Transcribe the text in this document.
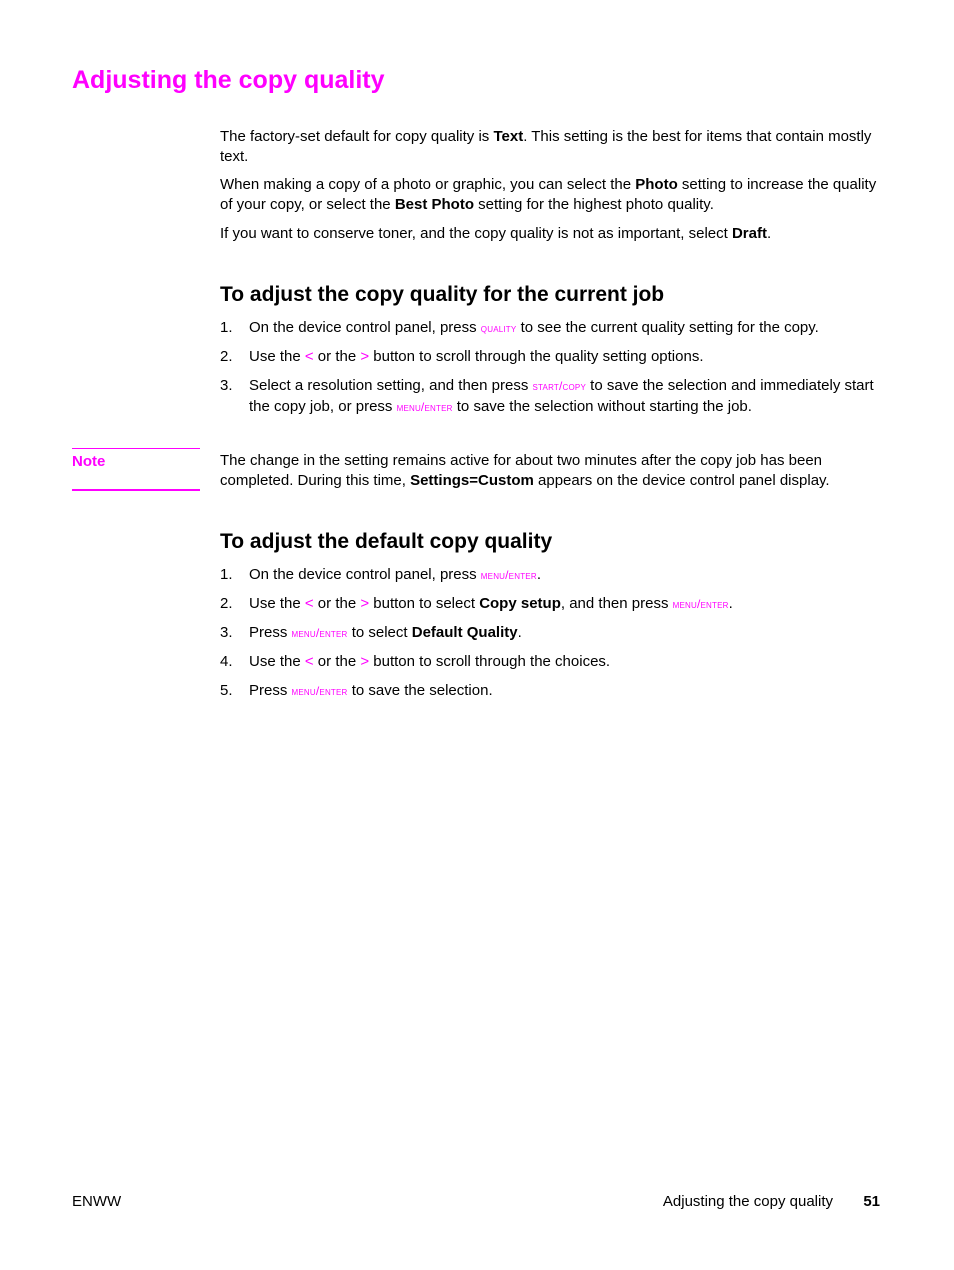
Adjusting the copy quality

The factory-set default for copy quality is Text. This setting is the best for items that contain mostly text.

When making a copy of a photo or graphic, you can select the Photo setting to increase the quality of your copy, or select the Best Photo setting for the highest photo quality.

If you want to conserve toner, and the copy quality is not as important, select Draft.

To adjust the copy quality for the current job
1.	On the device control panel, press quality to see the current quality setting for the copy.
2.	Use the < or the > button to scroll through the quality setting options.
3.	Select a resolution setting, and then press start/copy to save the selection and immediately start the copy job, or press menu/enter to save the selection without starting the job.
Note	The change in the setting remains active for about two minutes after the copy job has been completed. During this time, Settings=Custom appears on the device control panel display.

To adjust the default copy quality
1.	On the device control panel, press menu/enter.
2.	Use the < or the > button to select Copy setup, and then press menu/enter.
3.	Press menu/enter to select Default Quality.
4.	Use the < or the > button to scroll through the choices.
5.	Press menu/enter to save the selection.
ENWW	Adjusting the copy quality 51
